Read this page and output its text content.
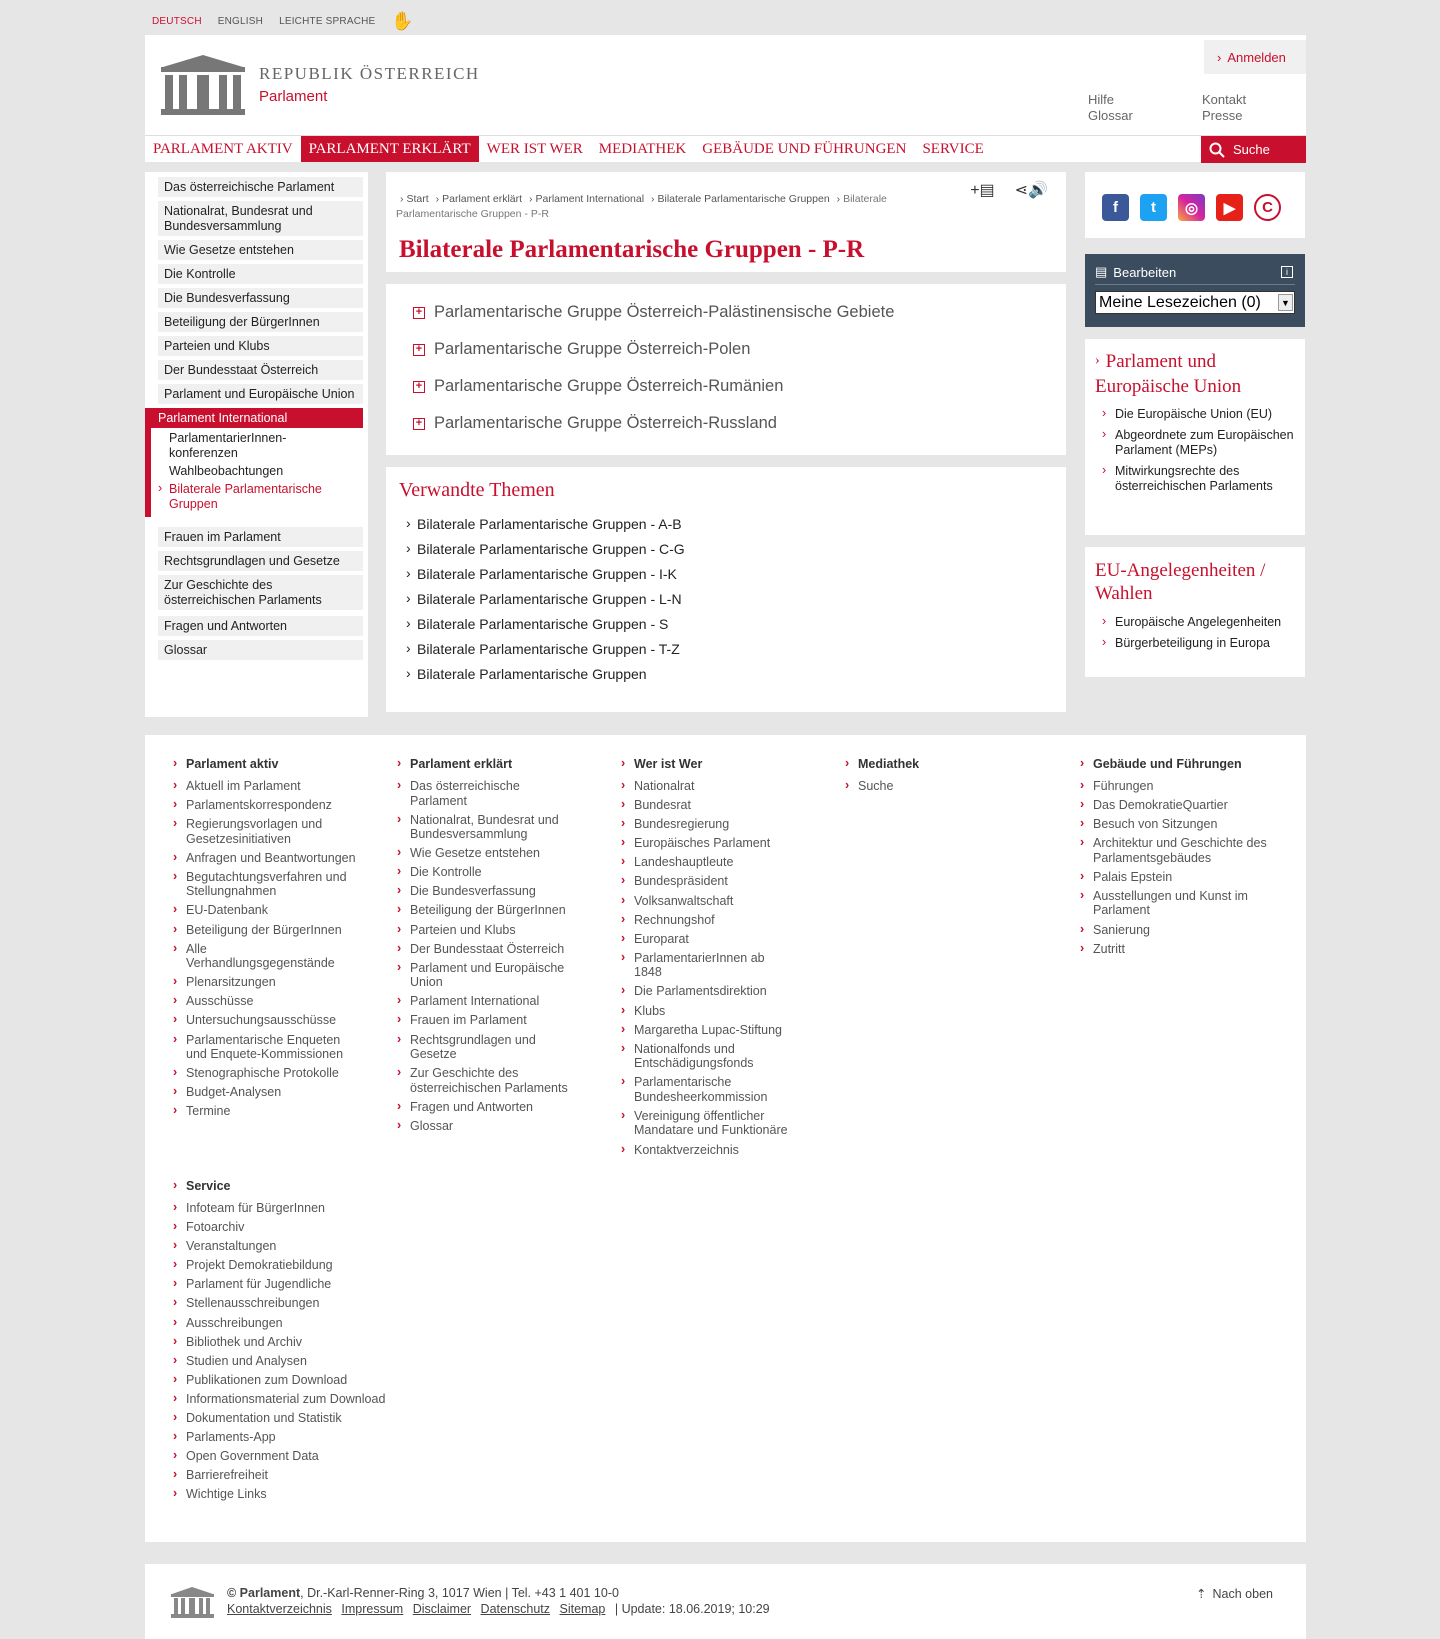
DEUTSCH ENGLISH LEICHTE SPRACHE ✋
REPUBLIK ÖSTERREICH
Parlament
› Anmelden
Hilfe
Glossar
Kontakt
Presse
PARLAMENT AKTIV	PARLAMENT ERKLÄRT	WER IST WER	MEDIATHEK	GEBÄUDE UND FÜHRUNGEN	SERVICE	Suche
Das österreichische Parlament
Nationalrat, Bundesrat und Bundesversammlung
Wie Gesetze entstehen
Die Kontrolle
Die Bundesverfassung
Beteiligung der BürgerInnen
Parteien und Klubs
Der Bundesstaat Österreich
Parlament und Europäische Union
Parlament International
ParlamentarierInnen-konferenzen
Wahlbeobachtungen
› Bilaterale Parlamentarische Gruppen
Frauen im Parlament
Rechtsgrundlagen und Gesetze
Zur Geschichte des österreichischen Parlaments
Fragen und Antworten
Glossar
› Start › Parlament erklärt › Parlament International › Bilaterale Parlamentarische Gruppen › Bilaterale Parlamentarische Gruppen - P-R
+▤ ⋖🔊
Bilaterale Parlamentarische Gruppen - P-R
+ Parlamentarische Gruppe Österreich-Palästinensische Gebiete
+ Parlamentarische Gruppe Österreich-Polen
+ Parlamentarische Gruppe Österreich-Rumänien
+ Parlamentarische Gruppe Österreich-Russland
Verwandte Themen
› Bilaterale Parlamentarische Gruppen - A-B
› Bilaterale Parlamentarische Gruppen - C-G
› Bilaterale Parlamentarische Gruppen - I-K
› Bilaterale Parlamentarische Gruppen - L-N
› Bilaterale Parlamentarische Gruppen - S
› Bilaterale Parlamentarische Gruppen - T-Z
› Bilaterale Parlamentarische Gruppen
f	t	◎	▶	C
▤ Bearbeiten	i
Meine Lesezeichen (0)	▼
› Parlament und Europäische Union
› Die Europäische Union (EU)
› Abgeordnete zum Europäischen Parlament (MEPs)
› Mitwirkungsrechte des österreichischen Parlaments
EU-Angelegenheiten / Wahlen
› Europäische Angelegenheiten
› Bürgerbeteiligung in Europa
› Parlament aktiv
› Aktuell im Parlament
› Parlamentskorrespondenz
› Regierungsvorlagen und Gesetzesinitiativen
› Anfragen und Beantwortungen
› Begutachtungsverfahren und Stellungnahmen
› EU-Datenbank
› Beteiligung der BürgerInnen
› Alle Verhandlungsgegenstände
› Plenarsitzungen
› Ausschüsse
› Untersuchungsausschüsse
› Parlamentarische Enqueten und Enquete-Kommissionen
› Stenographische Protokolle
› Budget-Analysen
› Termine
› Parlament erklärt
› Das österreichische Parlament
› Nationalrat, Bundesrat und Bundesversammlung
› Wie Gesetze entstehen
› Die Kontrolle
› Die Bundesverfassung
› Beteiligung der BürgerInnen
› Parteien und Klubs
› Der Bundesstaat Österreich
› Parlament und Europäische Union
› Parlament International
› Frauen im Parlament
› Rechtsgrundlagen und Gesetze
› Zur Geschichte des österreichischen Parlaments
› Fragen und Antworten
› Glossar
› Wer ist Wer
› Nationalrat
› Bundesrat
› Bundesregierung
› Europäisches Parlament
› Landeshauptleute
› Bundespräsident
› Volksanwaltschaft
› Rechnungshof
› Europarat
› ParlamentarierInnen ab 1848
› Die Parlamentsdirektion
› Klubs
› Margaretha Lupac-Stiftung
› Nationalfonds und Entschädigungsfonds
› Parlamentarische Bundesheerkommission
› Vereinigung öffentlicher Mandatare und Funktionäre
› Kontaktverzeichnis
› Mediathek
› Suche
› Gebäude und Führungen
› Führungen
› Das DemokratieQuartier
› Besuch von Sitzungen
› Architektur und Geschichte des Parlamentsgebäudes
› Palais Epstein
› Ausstellungen und Kunst im Parlament
› Sanierung
› Zutritt
› Service
› Infoteam für BürgerInnen
› Fotoarchiv
› Veranstaltungen
› Projekt Demokratiebildung
› Parlament für Jugendliche
› Stellenausschreibungen
› Ausschreibungen
› Bibliothek und Archiv
› Studien und Analysen
› Publikationen zum Download
› Informationsmaterial zum Download
› Dokumentation und Statistik
› Parlaments-App
› Open Government Data
› Barrierefreiheit
› Wichtige Links
© Parlament, Dr.-Karl-Renner-Ring 3, 1017 Wien | Tel. +43 1 401 10-0
Kontaktverzeichnis Impressum Disclaimer Datenschutz Sitemap | Update: 18.06.2019; 10:29
⇡ Nach oben
